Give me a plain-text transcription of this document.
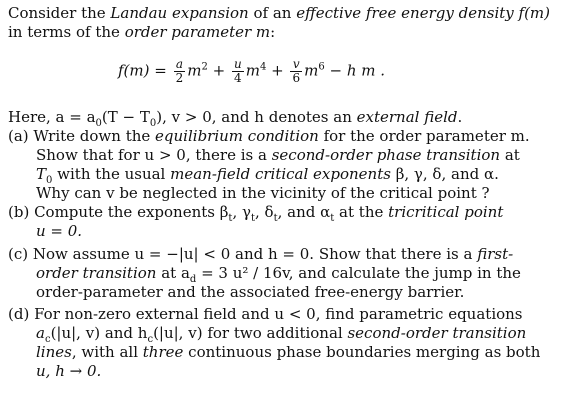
Consider the Landau expansion of an effective free energy density f(m)
in terms of the order parameter m:
$f(m) = \frac{a}{2} m^2 + \frac{u}{4} m^4 + \frac{v}{6} m^6 - h$ m .
Here, $a = a_0(T - T_0)$, v > 0, and h denotes an external field.
(a) Write down the equilibrium condition for the order parameter m.
Show that for u > 0, there is a second-order phase transition at
$T_0$ with the usual mean-field critical exponents β, γ, δ, and α.
Why can v be neglected in the vicinity of the critical point ?
(b) Compute the exponents $\beta_t$, $\gamma_t$, $\delta_t$, and $\alpha_t$ at the tricritical point
u = 0.
(c) Now assume u = −|u| < 0 and h = 0. Show that there is a first-
order transition at $a_d = 3$ u² / 16v, and calculate the jump in the
order-parameter and the associated free-energy barrier.
(d) For non-zero external field and u < 0, find parametric equations
$a_c(|u|$, v) and $h_c(|u|$, v) for two additional second-order transition
lines, with all three continuous phase boundaries merging as both
u, h → 0.
